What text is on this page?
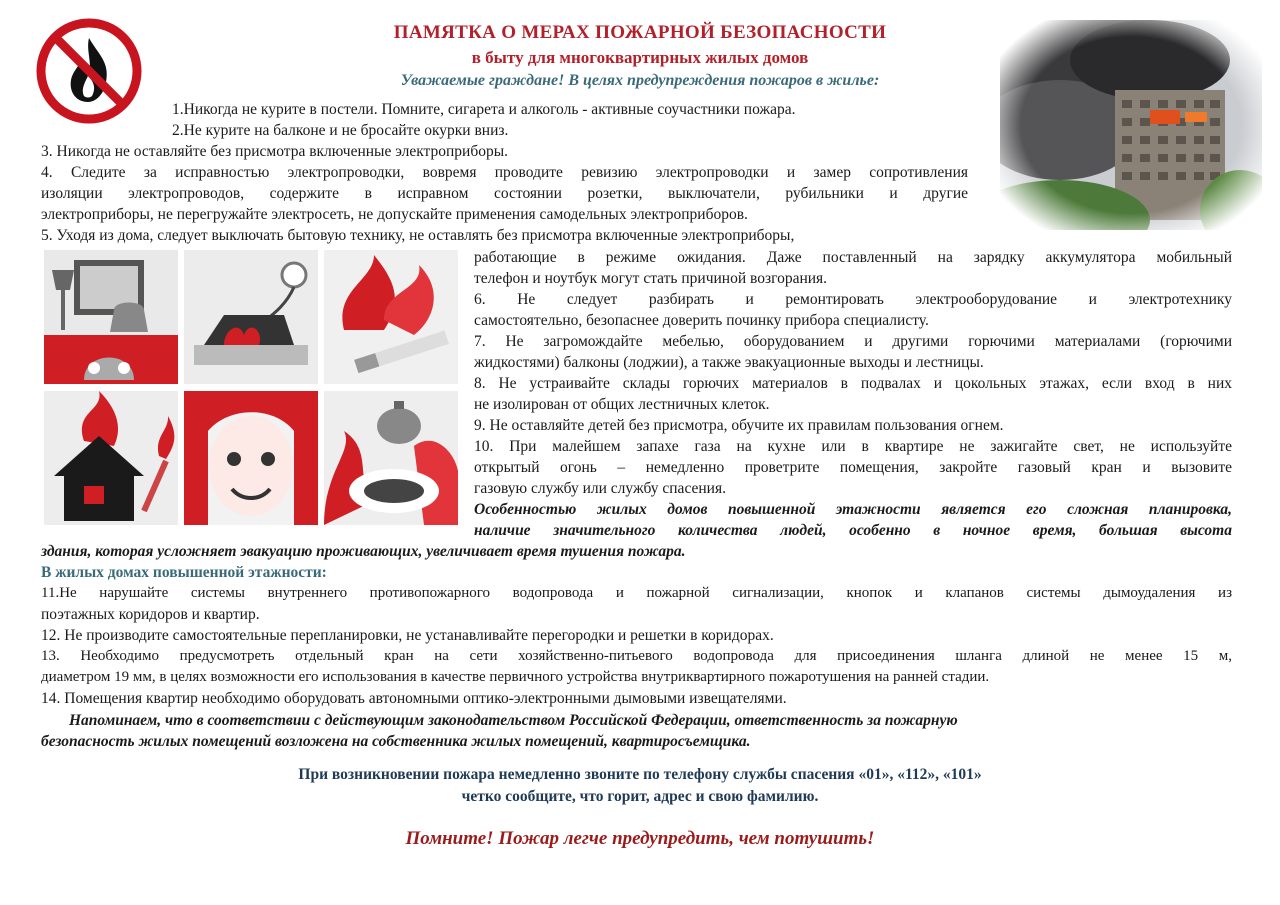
ПАМЯТКА О МЕРАХ ПОЖАРНОЙ БЕЗОПАСНОСТИ
в быту для многоквартирных жилых домов
Уважаемые граждане! В целях предупреждения пожаров в жилье:
1.Никогда не курите в постели. Помните, сигарета и алкоголь - активные соучастники пожара.
2.Не курите на балконе и не бросайте окурки вниз.
3. Никогда не оставляйте без присмотра включенные электроприборы.
4. Следите за исправностью электропроводки, вовремя проводите ревизию электропроводки и замер сопротивления
изоляции электропроводов, содержите в исправном состоянии розетки, выключатели, рубильники и другие
электроприборы, не перегружайте электросеть, не допускайте применения самодельных электроприборов.
5. Уходя из дома, следует выключать бытовую технику, не оставлять без присмотра включенные электроприборы,
работающие в режиме ожидания. Даже поставленный на зарядку аккумулятора мобильный
телефон и ноутбук могут стать причиной возгорания.
6. Не следует разбирать и ремонтировать электрооборудование и электротехнику
самостоятельно, безопаснее доверить починку прибора специалисту.
7. Не загромождайте мебелью, оборудованием и другими горючими материалами (горючими
жидкостями) балконы (лоджии), а также эвакуационные выходы и лестницы.
8. Не устраивайте склады горючих материалов в подвалах и цокольных этажах, если вход в них
не изолирован от общих лестничных клеток.
9. Не оставляйте детей без присмотра, обучите их правилам пользования огнем.
10. При малейшем запахе газа на кухне или в квартире не зажигайте свет, не используйте
открытый огонь – немедленно проветрите помещения, закройте газовый кран и вызовите
газовую службу или службу спасения.
Особенностью жилых домов повышенной этажности является его сложная планировка,
наличие значительного количества людей, особенно в ночное время, большая высота
здания, которая усложняет эвакуацию проживающих, увеличивает время тушения пожара.
В жилых домах повышенной этажности:
11.Не нарушайте системы внутреннего противопожарного водопровода и пожарной сигнализации, кнопок и клапанов системы дымоудаления из
поэтажных коридоров и квартир.
12. Не производите самостоятельные перепланировки, не устанавливайте перегородки и решетки в коридорах.
13. Необходимо предусмотреть отдельный кран на сети хозяйственно-питьевого водопровода для присоединения шланга длиной не менее 15 м,
диаметром 19 мм, в целях возможности его использования в качестве первичного устройства внутриквартирного пожаротушения на ранней стадии.
14. Помещения квартир необходимо оборудовать автономными оптико-электронными дымовыми извещателями.
Напоминаем, что в соответствии с действующим законодательством Российской Федерации, ответственность за пожарную
безопасность жилых помещений возложена на собственника жилых помещений, квартиросъемщика.
При возникновении пожара немедленно звоните по телефону службы спасения «01», «112», «101»
четко сообщите, что горит, адрес и свою фамилию.
Помните! Пожар легче предупредить, чем потушить!
